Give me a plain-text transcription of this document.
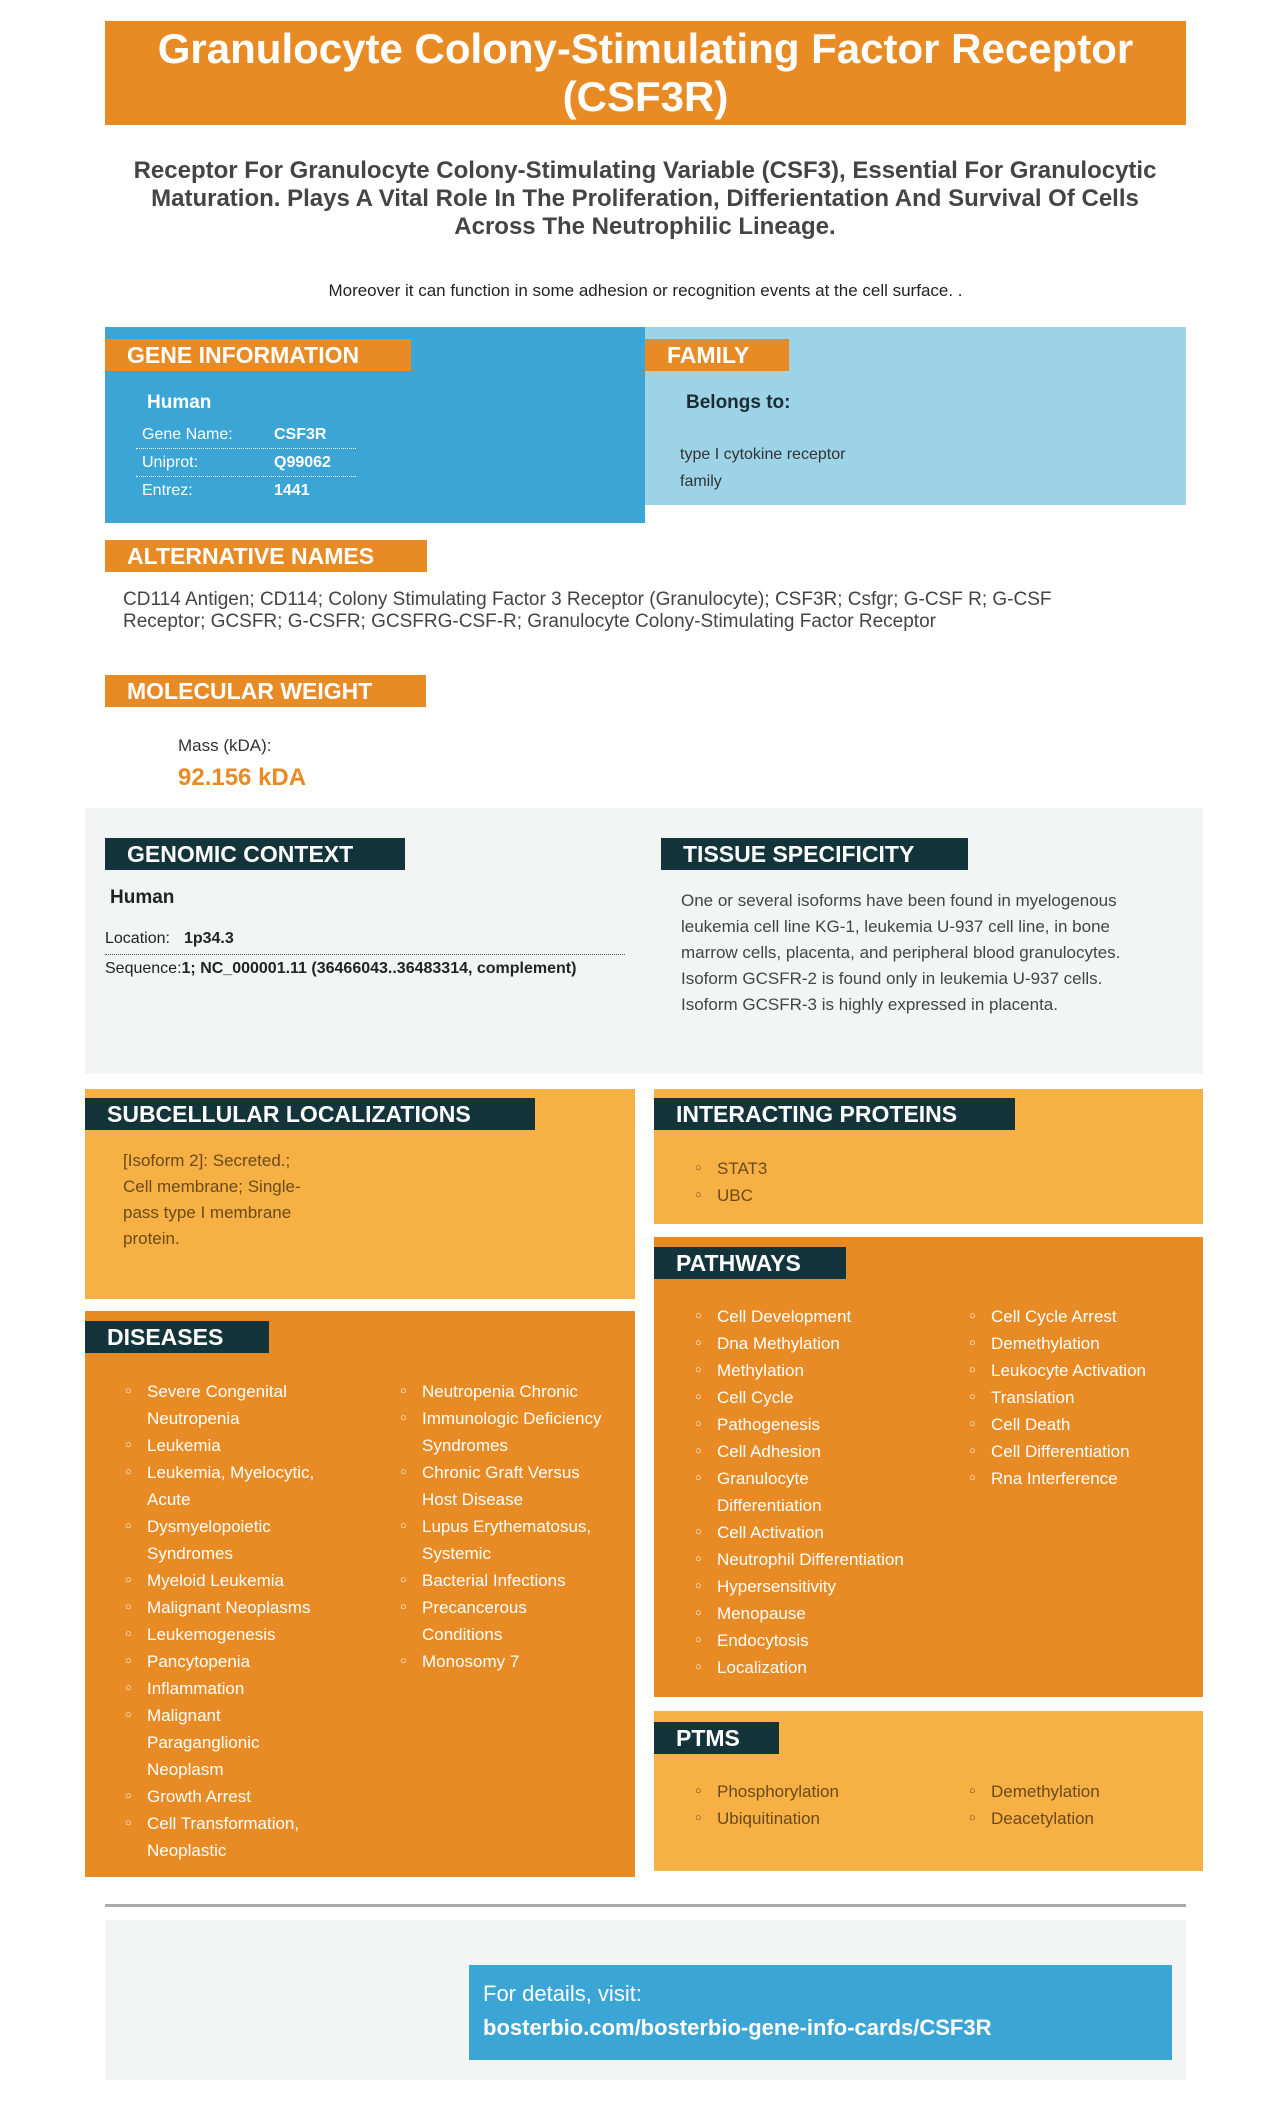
Granulocyte Colony-Stimulating Factor Receptor (CSF3R)
Receptor For Granulocyte Colony-Stimulating Variable (CSF3), Essential For Granulocytic Maturation. Plays A Vital Role In The Proliferation, Differientation And Survival Of Cells Across The Neutrophilic Lineage.
Moreover it can function in some adhesion or recognition events at the cell surface. .
GENE INFORMATION
Human
Gene Name:	CSF3R
Uniprot:	Q99062
Entrez:	1441
FAMILY
Belongs to:
type I cytokine receptor family
ALTERNATIVE NAMES
CD114 Antigen; CD114; Colony Stimulating Factor 3 Receptor (Granulocyte); CSF3R; Csfgr; G-CSF R; G-CSF Receptor; GCSFR; G-CSFR; GCSFRG-CSF-R; Granulocyte Colony-Stimulating Factor Receptor
MOLECULAR WEIGHT
Mass (kDA):
92.156 kDA
GENOMIC CONTEXT
Human
Location: 1p34.3
Sequence: 1; NC_000001.11 (36466043..36483314, complement)
TISSUE SPECIFICITY
One or several isoforms have been found in myelogenous leukemia cell line KG-1, leukemia U-937 cell line, in bone marrow cells, placenta, and peripheral blood granulocytes. Isoform GCSFR-2 is found only in leukemia U-937 cells. Isoform GCSFR-3 is highly expressed in placenta.
SUBCELLULAR LOCALIZATIONS
[Isoform 2]: Secreted.; Cell membrane; Single-pass type I membrane protein.
INTERACTING PROTEINS
○ STAT3
○ UBC
DISEASES
○ Severe Congenital Neutropenia
○ Leukemia
○ Leukemia, Myelocytic, Acute
○ Dysmyelopoietic Syndromes
○ Myeloid Leukemia
○ Malignant Neoplasms
○ Leukemogenesis
○ Pancytopenia
○ Inflammation
○ Malignant Paraganglionic Neoplasm
○ Growth Arrest
○ Cell Transformation, Neoplastic
○ Neutropenia Chronic
○ Immunologic Deficiency Syndromes
○ Chronic Graft Versus Host Disease
○ Lupus Erythematosus, Systemic
○ Bacterial Infections
○ Precancerous Conditions
○ Monosomy 7
PATHWAYS
○ Cell Development
○ Dna Methylation
○ Methylation
○ Cell Cycle
○ Pathogenesis
○ Cell Adhesion
○ Granulocyte Differentiation
○ Cell Activation
○ Neutrophil Differentiation
○ Hypersensitivity
○ Menopause
○ Endocytosis
○ Localization
○ Cell Cycle Arrest
○ Demethylation
○ Leukocyte Activation
○ Translation
○ Cell Death
○ Cell Differentiation
○ Rna Interference
PTMS
○ Phosphorylation
○ Ubiquitination
○ Demethylation
○ Deacetylation
For details, visit:
bosterbio.com/bosterbio-gene-info-cards/CSF3R
